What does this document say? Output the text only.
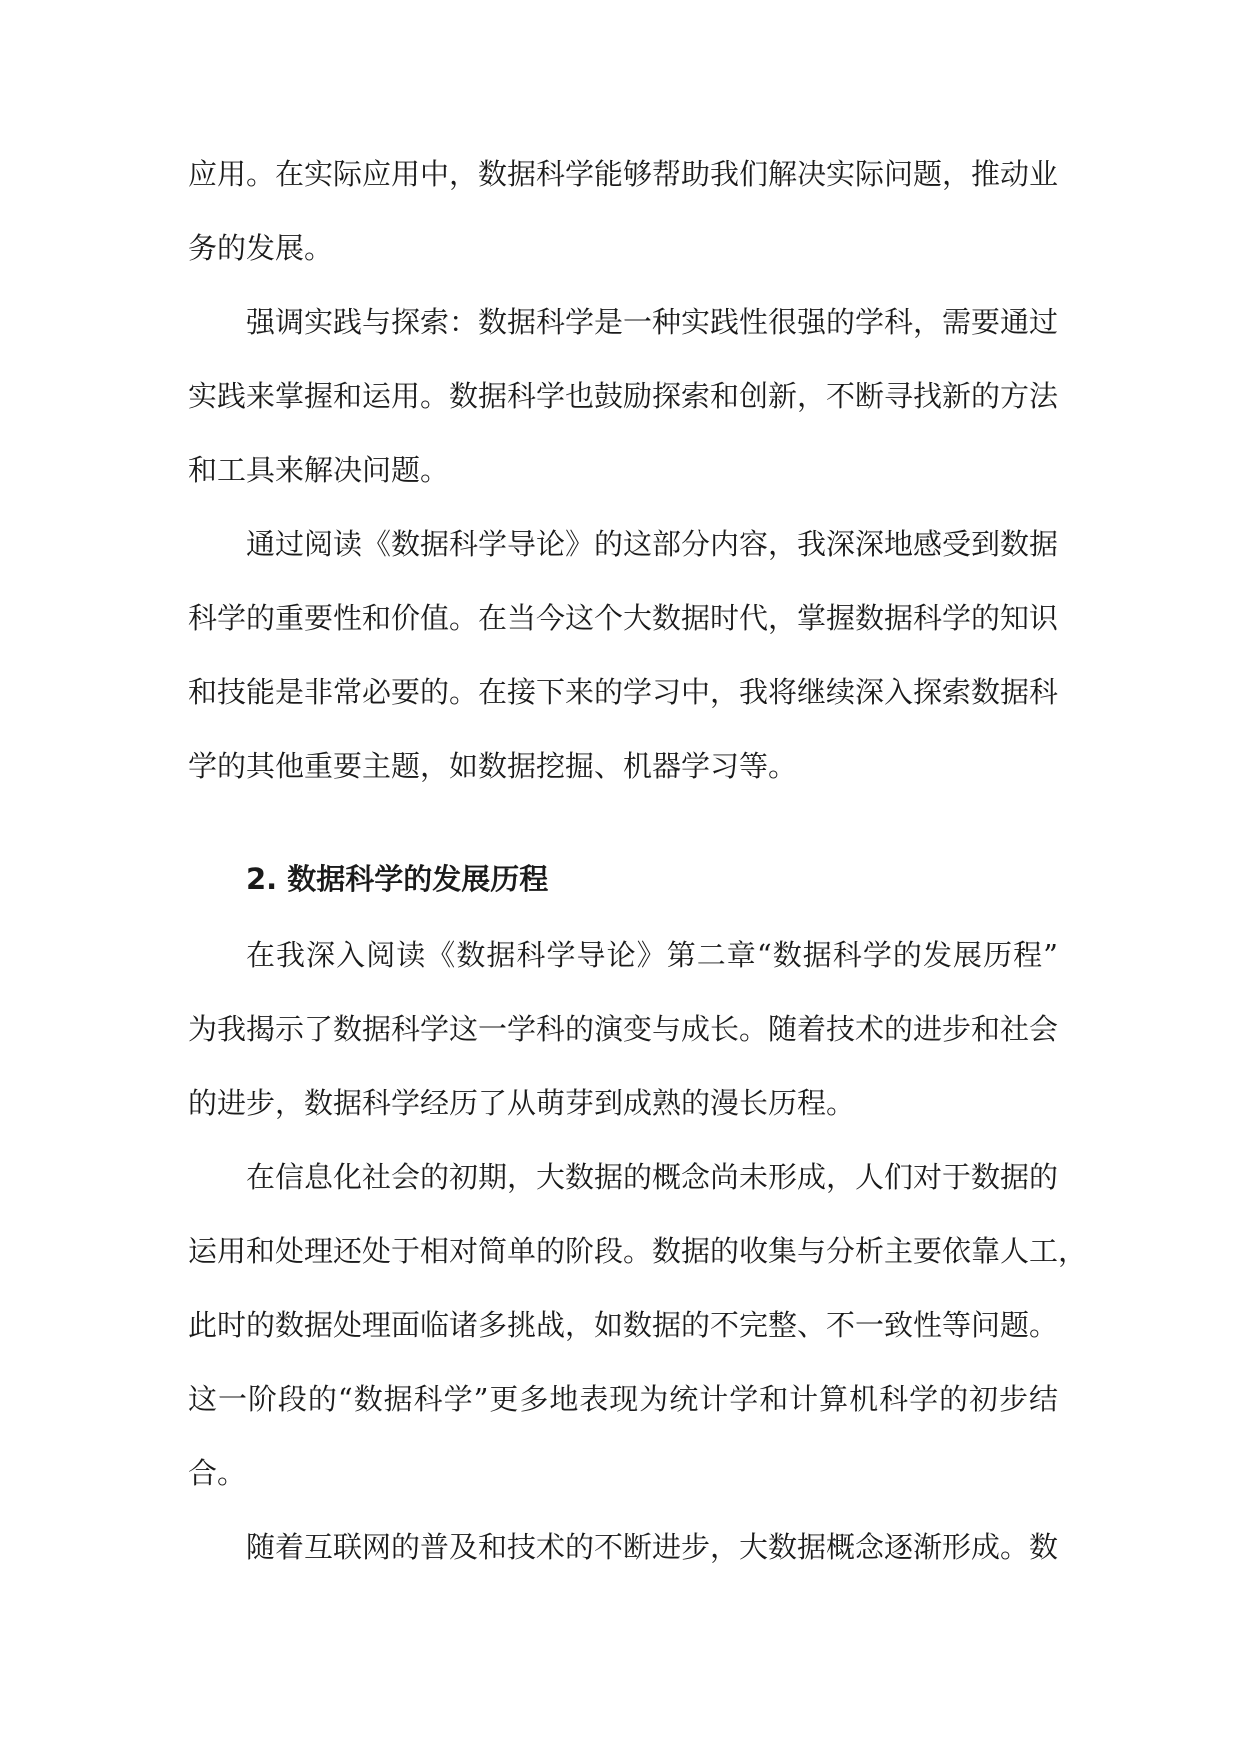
应用。在实际应用中，数据科学能够帮助我们解决实际问题，推动业
务的发展。
强调实践与探索：数据科学是一种实践性很强的学科，需要通过
实践来掌握和运用。数据科学也鼓励探索和创新，不断寻找新的方法
和工具来解决问题。
通过阅读《数据科学导论》的这部分内容，我深深地感受到数据
科学的重要性和价值。在当今这个大数据时代，掌握数据科学的知识
和技能是非常必要的。在接下来的学习中，我将继续深入探索数据科
学的其他重要主题，如数据挖掘、机器学习等。
2. 数据科学的发展历程
在我深入阅读《数据科学导论》第二章“数据科学的发展历程”
为我揭示了数据科学这一学科的演变与成长。随着技术的进步和社会
的进步，数据科学经历了从萌芽到成熟的漫长历程。
在信息化社会的初期，大数据的概念尚未形成，人们对于数据的
运用和处理还处于相对简单的阶段。数据的收集与分析主要依靠人工，
此时的数据处理面临诸多挑战，如数据的不完整、不一致性等问题。
这一阶段的“数据科学”更多地表现为统计学和计算机科学的初步结
合。
随着互联网的普及和技术的不断进步，大数据概念逐渐形成。数
